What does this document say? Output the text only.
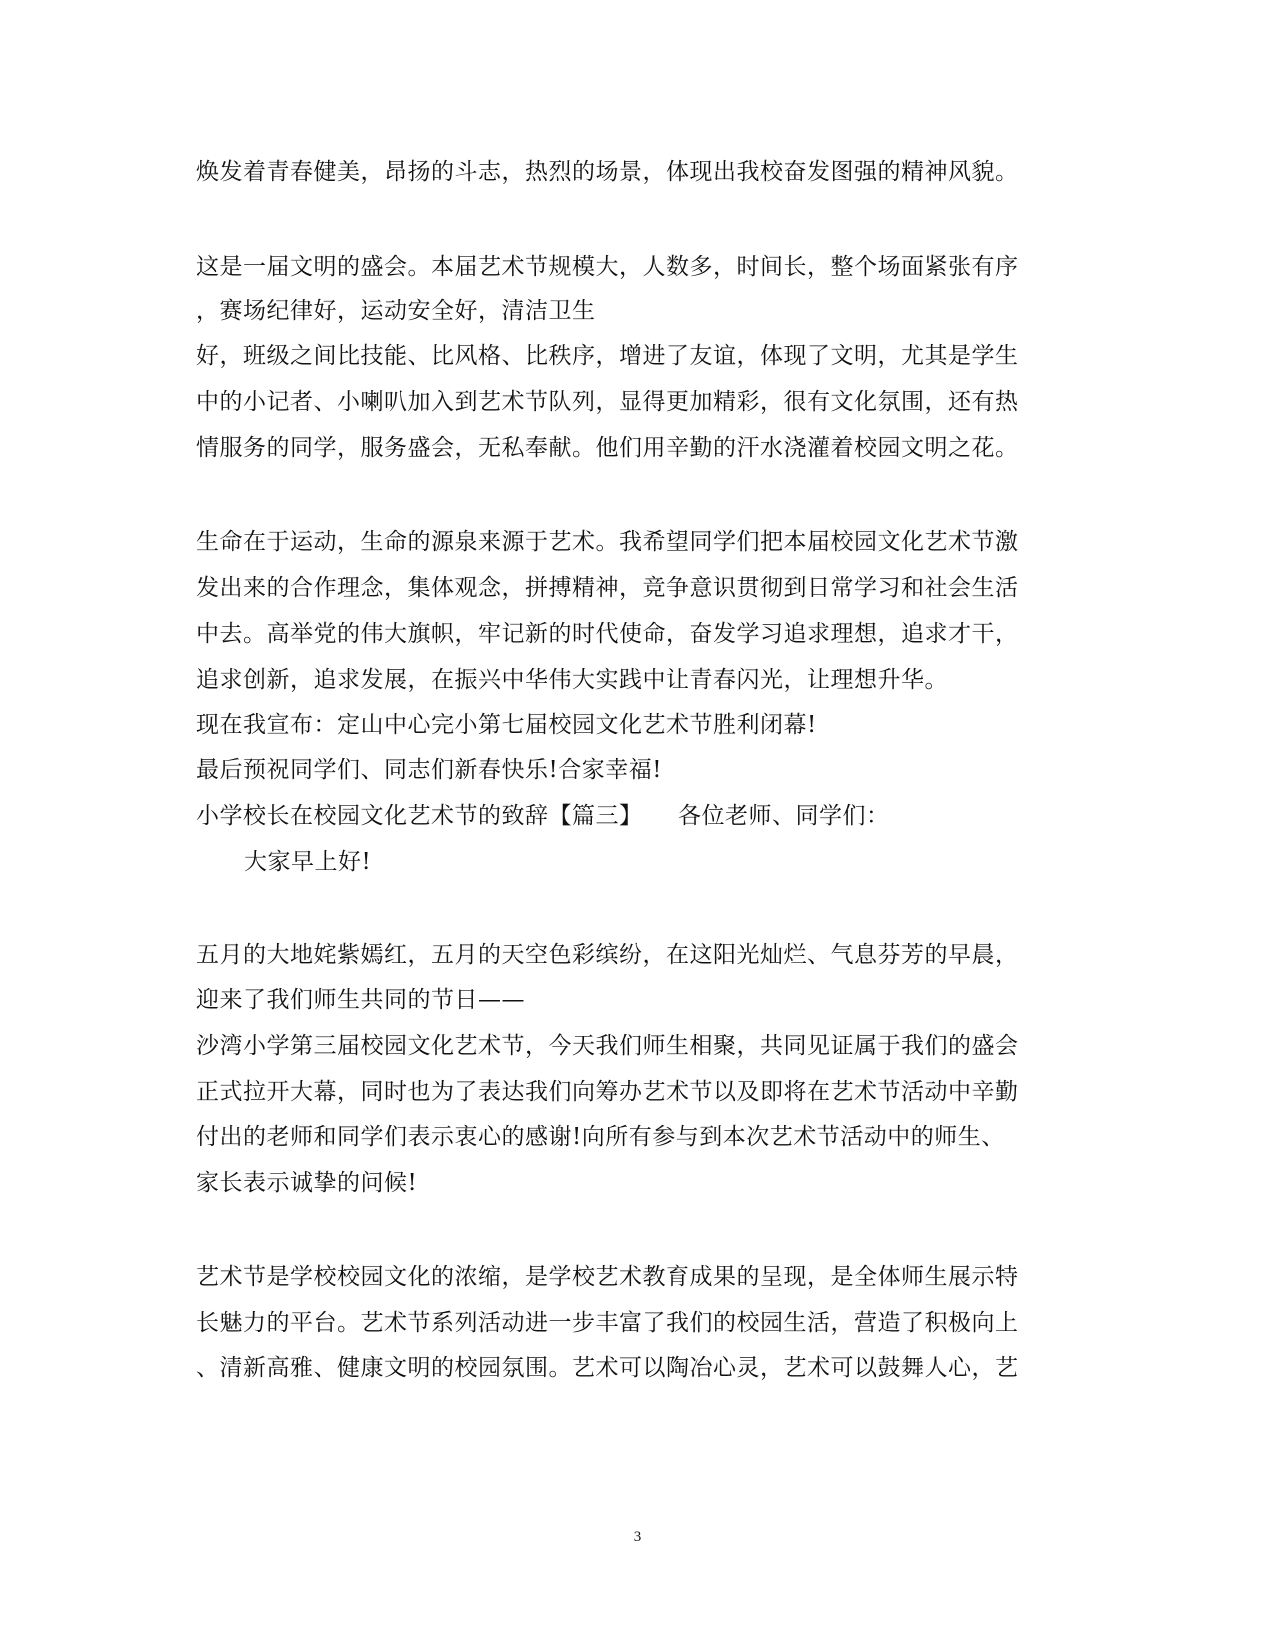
焕发着青春健美，昂扬的斗志，热烈的场景，体现出我校奋发图强的精神风貌。
这是一届文明的盛会。本届艺术节规模大，人数多，时间长，整个场面紧张有序
，赛场纪律好，运动安全好，清洁卫生
好，班级之间比技能、比风格、比秩序，增进了友谊，体现了文明，尤其是学生
中的小记者、小喇叭加入到艺术节队列，显得更加精彩，很有文化氛围，还有热
情服务的同学，服务盛会，无私奉献。他们用辛勤的汗水浇灌着校园文明之花。
生命在于运动，生命的源泉来源于艺术。我希望同学们把本届校园文化艺术节激
发出来的合作理念，集体观念，拼搏精神，竞争意识贯彻到日常学习和社会生活
中去。高举党的伟大旗帜，牢记新的时代使命，奋发学习追求理想，追求才干，
追求创新，追求发展，在振兴中华伟大实践中让青春闪光，让理想升华。
现在我宣布：定山中心完小第七届校园文化艺术节胜利闭幕!
最后预祝同学们、同志们新春快乐!合家幸福!
小学校长在校园文化艺术节的致辞【篇三】　　各位老师、同学们：
大家早上好!
五月的大地姹紫嫣红，五月的天空色彩缤纷，在这阳光灿烂、气息芬芳的早晨，
迎来了我们师生共同的节日——
沙湾小学第三届校园文化艺术节，今天我们师生相聚，共同见证属于我们的盛会
正式拉开大幕，同时也为了表达我们向筹办艺术节以及即将在艺术节活动中辛勤
付出的老师和同学们表示衷心的感谢!向所有参与到本次艺术节活动中的师生、
家长表示诚挚的问候!
艺术节是学校校园文化的浓缩，是学校艺术教育成果的呈现，是全体师生展示特
长魅力的平台。艺术节系列活动进一步丰富了我们的校园生活，营造了积极向上
、清新高雅、健康文明的校园氛围。艺术可以陶冶心灵，艺术可以鼓舞人心，艺
3
